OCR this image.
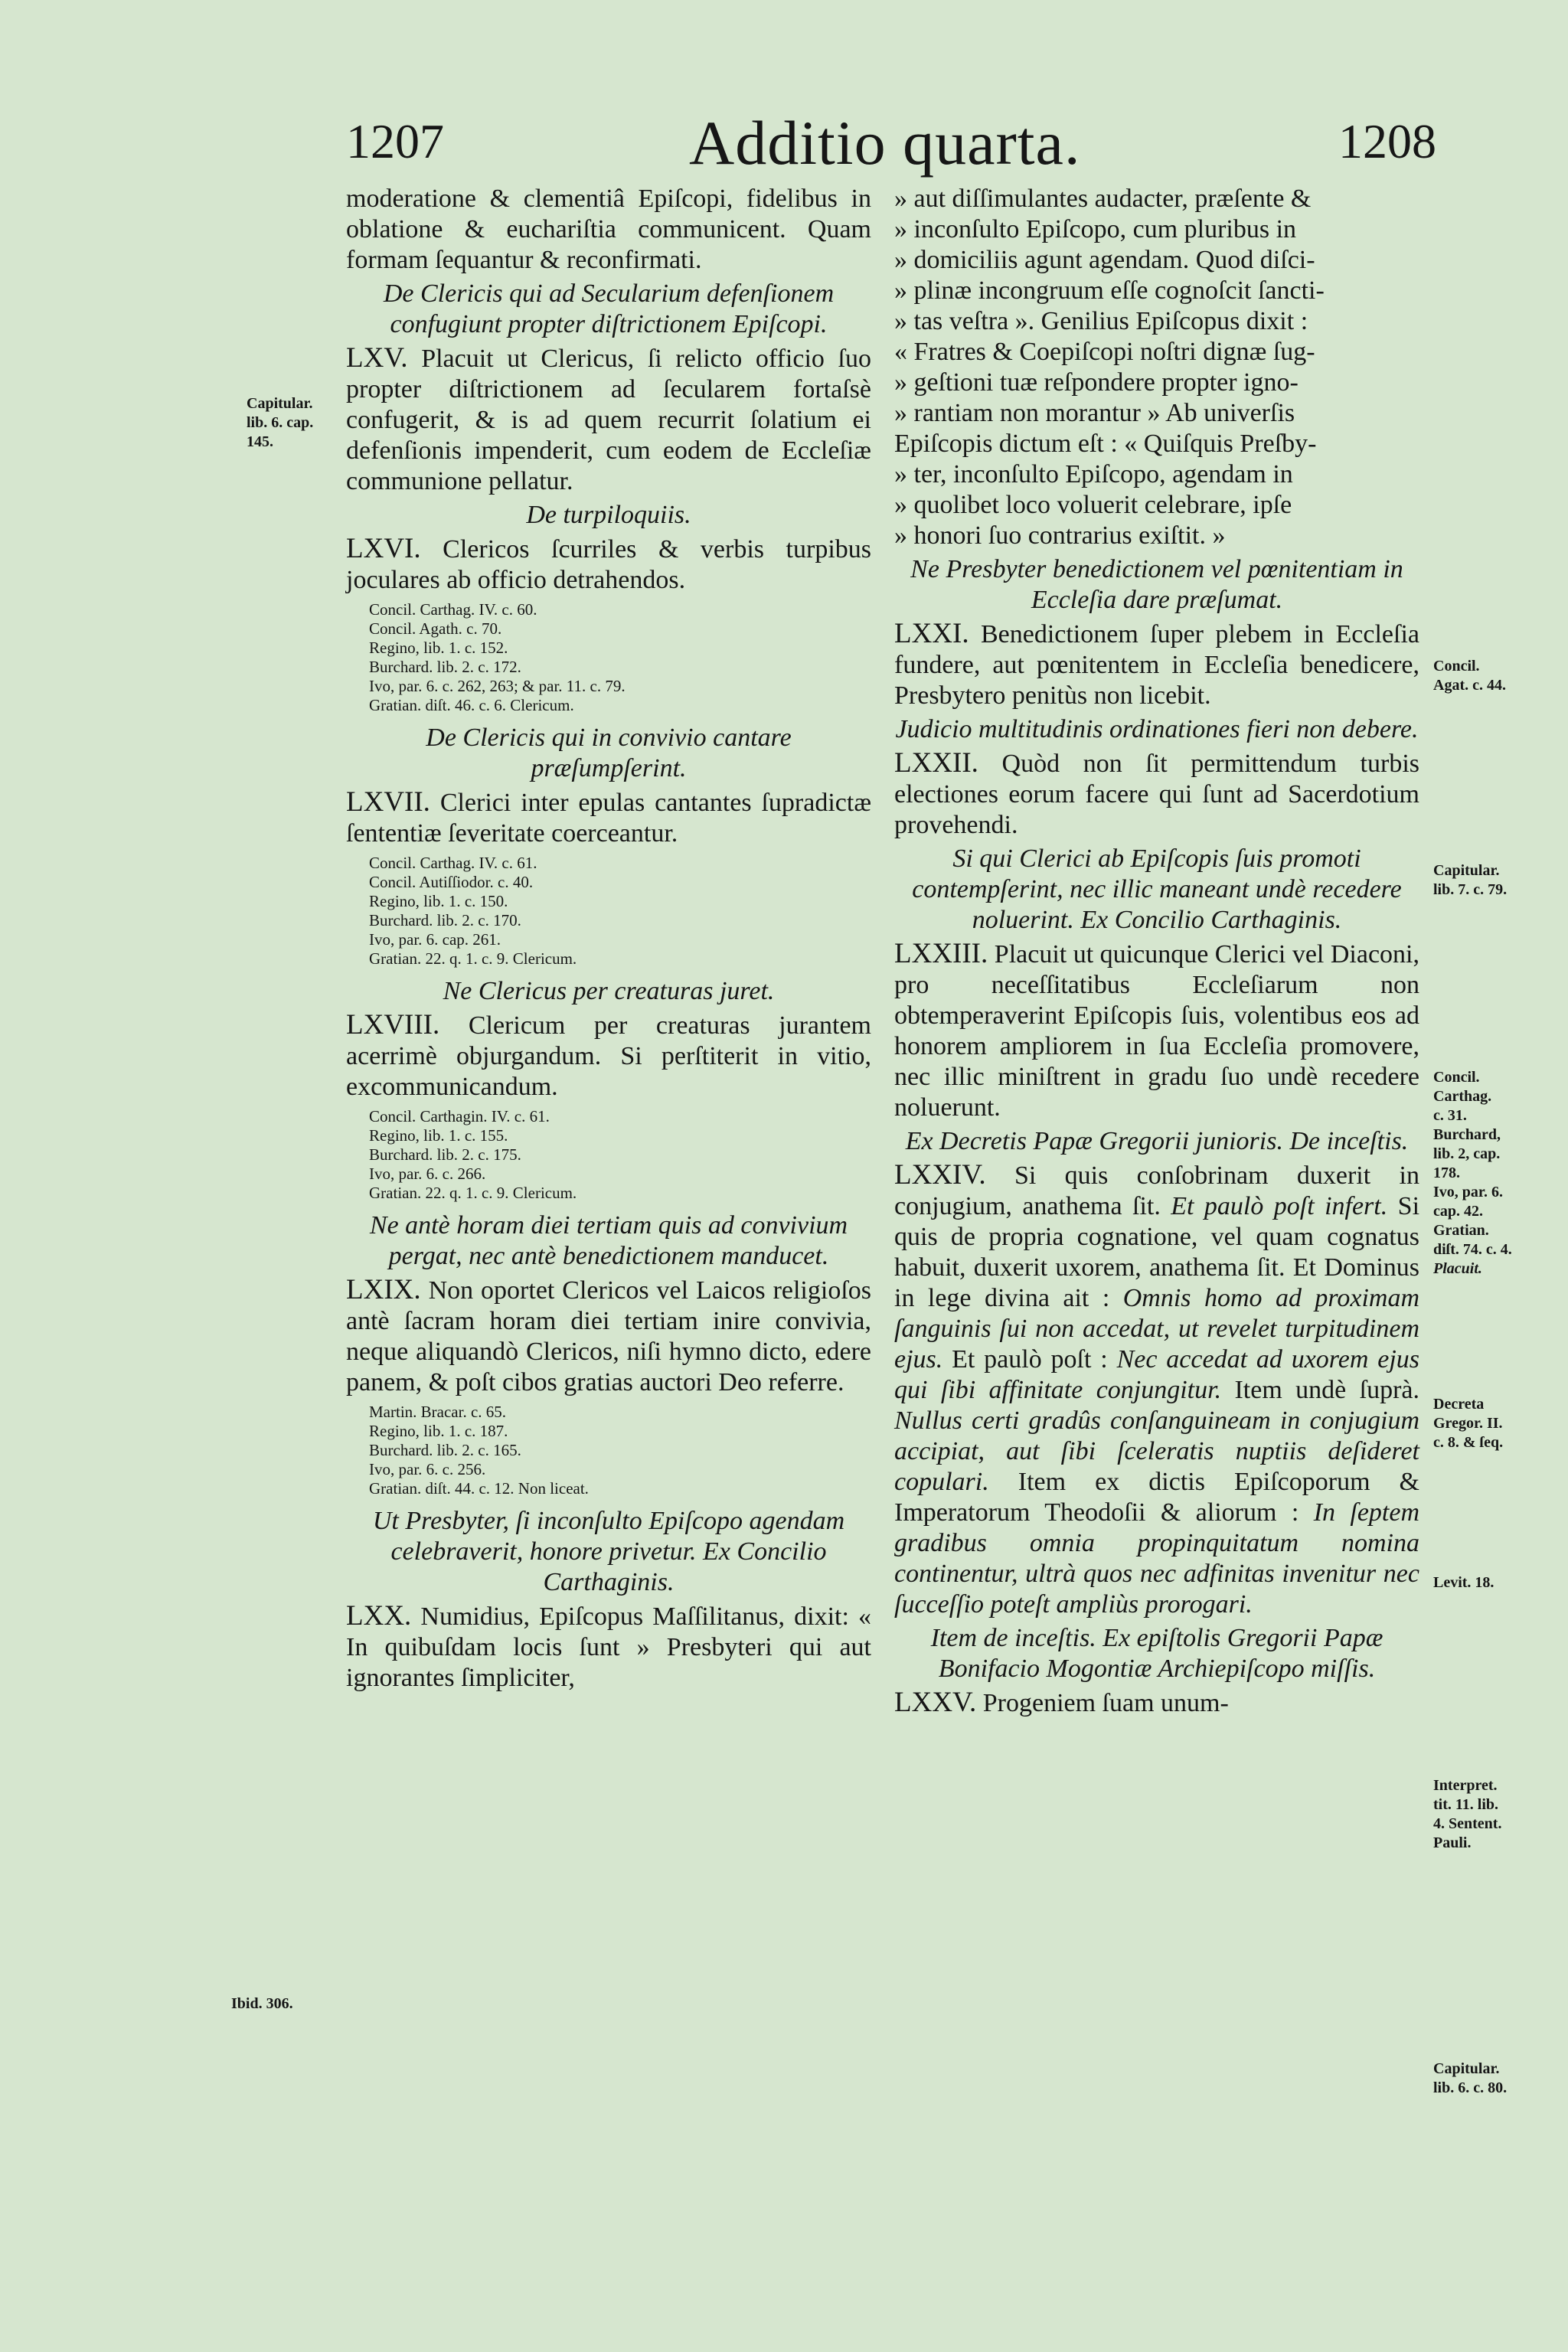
1207	Additio quarta.	1208

moderatione & clementiâ Epiſcopi, fidelibus in oblatione & euchariſtia communicent. Quam formam ſequantur & reconfirmati.

De Clericis qui ad Secularium defenſionem confugiunt propter diſtrictionem Epiſcopi.

LXV. Placuit ut Clericus, ſi relicto officio ſuo propter diſtrictionem ad ſecularem fortaſsè confugerit, & is ad quem recurrit ſolatium ei defenſionis impenderit, cum eodem de Eccleſiæ communione pellatur.

De turpiloquiis.

LXVI. Clericos ſcurriles & verbis turpibus joculares ab officio detrahendos.

Concil. Carthag. IV. c. 60.
Concil. Agath. c. 70.
Regino, lib. 1. c. 152.
Burchard. lib. 2. c. 172.
Ivo, par. 6. c. 262, 263; & par. 11. c. 79.
Gratian. diſt. 46. c. 6. Clericum.

De Clericis qui in convivio cantare præſumpſerint.

LXVII. Clerici inter epulas cantantes ſupradictæ ſententiæ ſeveritate coerceantur.

Concil. Carthag. IV. c. 61.
Concil. Autiſſiodor. c. 40.
Regino, lib. 1. c. 150.
Burchard. lib. 2. c. 170.
Ivo, par. 6. cap. 261.
Gratian. 22. q. 1. c. 9. Clericum.

Ne Clericus per creaturas juret.

LXVIII. Clericum per creaturas jurantem acerrimè objurgandum. Si perſtiterit in vitio, excommunicandum.

Concil. Carthagin. IV. c. 61.
Regino, lib. 1. c. 155.
Burchard. lib. 2. c. 175.
Ivo, par. 6. c. 266.
Gratian. 22. q. 1. c. 9. Clericum.

Ne antè horam diei tertiam quis ad convivium pergat, nec antè benedictionem manducet.

LXIX. Non oportet Clericos vel Laicos religioſos antè ſacram horam diei tertiam inire convivia, neque aliquandò Clericos, niſi hymno dicto, edere panem, & poſt cibos gratias auctori Deo referre.

Martin. Bracar. c. 65.
Regino, lib. 1. c. 187.
Burchard. lib. 2. c. 165.
Ivo, par. 6. c. 256.
Gratian. diſt. 44. c. 12. Non liceat.

Ut Presbyter, ſi inconſulto Epiſcopo agendam celebraverit, honore privetur. Ex Concilio Carthaginis.

LXX. Numidius, Epiſcopus Maſſilitanus, dixit: « In quibuſdam locis ſunt » Presbyteri qui aut ignorantes ſimpliciter,

» aut diſſimulantes audacter, præſente &
» inconſulto Epiſcopo, cum pluribus in
» domiciliis agunt agendam. Quod diſci-
» plinæ incongruum eſſe cognoſcit ſancti-
» tas veſtra ». Genilius Epiſcopus dixit :
« Fratres & Coepiſcopi noſtri dignæ ſug-
» geſtioni tuæ reſpondere propter igno-
» rantiam non morantur » Ab univerſis
Epiſcopis dictum eſt : « Quiſquis Preſby-
» ter, inconſulto Epiſcopo, agendam in
» quolibet loco voluerit celebrare, ipſe
» honori ſuo contrarius exiſtit. »

Ne Presbyter benedictionem vel pœnitentiam in Eccleſia dare præſumat.

LXXI. Benedictionem ſuper plebem in Eccleſia fundere, aut pœnitentem in Eccleſia benedicere, Presbytero penitùs non licebit.

Judicio multitudinis ordinationes fieri non debere.

LXXII. Quòd non ſit permittendum turbis electiones eorum facere qui ſunt ad Sacerdotium provehendi.

Si qui Clerici ab Epiſcopis ſuis promoti contempſerint, nec illic maneant undè recedere noluerint. Ex Concilio Carthaginis.

LXXIII. Placuit ut quicunque Clerici vel Diaconi, pro neceſſitatibus Eccleſiarum non obtemperaverint Epiſcopis ſuis, volentibus eos ad honorem ampliorem in ſua Eccleſia promovere, nec illic miniſtrent in gradu ſuo undè recedere noluerunt.

Ex Decretis Papæ Gregorii junioris. De inceſtis.

LXXIV. Si quis conſobrinam duxerit in conjugium, anathema ſit. Et paulò poſt infert. Si quis de propria cognatione, vel quam cognatus habuit, duxerit uxorem, anathema ſit. Et Dominus in lege divina ait : Omnis homo ad proximam ſanguinis ſui non accedat, ut revelet turpitudinem ejus. Et paulò poſt : Nec accedat ad uxorem ejus qui ſibi affinitate conjungitur. Item undè ſuprà. Nullus certi gradûs conſanguineam in conjugium accipiat, aut ſibi ſceleratis nuptiis deſideret copulari. Item ex dictis Epiſcoporum & Imperatorum Theodoſii & aliorum : In ſeptem gradibus omnia propinquitatum nomina continentur, ultrà quos nec adfinitas invenitur nec ſucceſſio poteſt ampliùs prorogari.

Item de inceſtis. Ex epiſtolis Gregorii Papæ Bonifacio Mogontiæ Archiepiſcopo miſſis.

LXXV. Progeniem ſuam unum-

Capitular.
lib. 6. cap.
145.
Ibid. 306.
Concil.
Agat. c. 44.
Capitular.
lib. 7. c. 79.
Concil.
Carthag.
c. 31.
Burchard,
lib. 2, cap.
178.
Ivo, par. 6.
cap. 42.
Gratian.
diſt. 74. c. 4.
Placuit.
Decreta
Gregor. II.
c. 8. & ſeq.
Levit. 18.
Interpret.
tit. 11. lib.
4. Sentent.
Pauli.
Capitular.
lib. 6. c. 80.
